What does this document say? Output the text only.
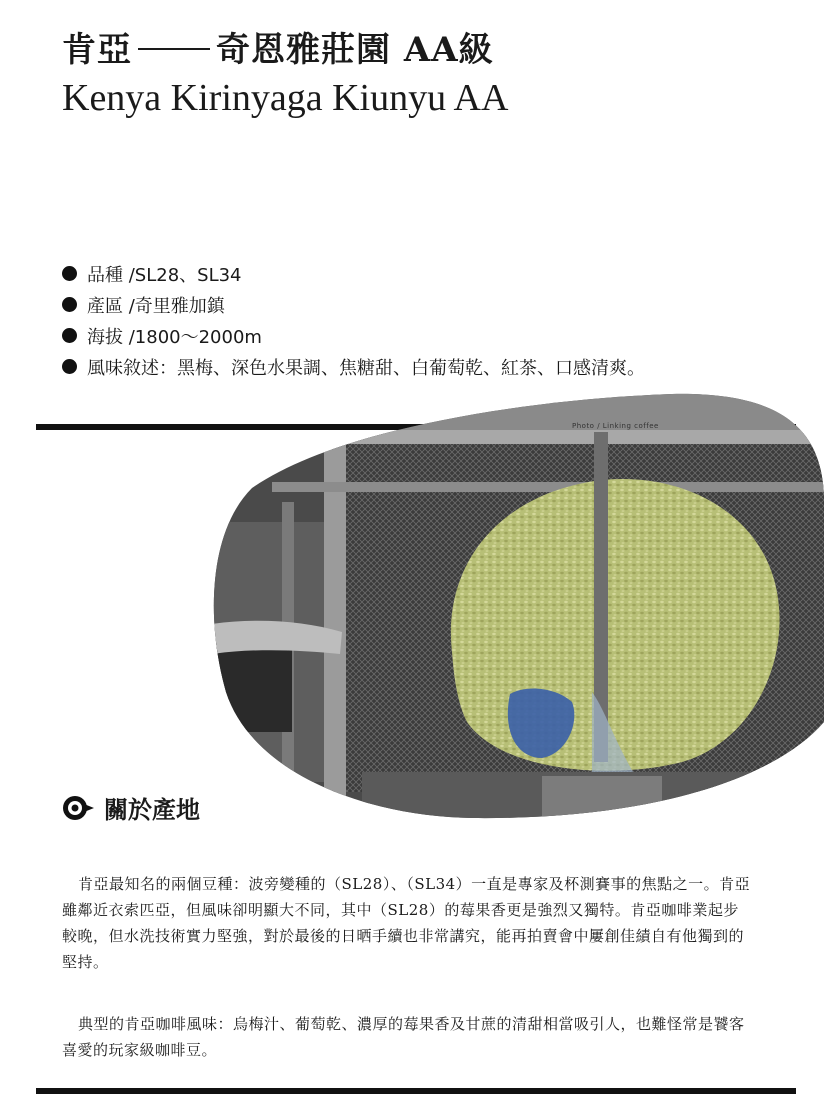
肯亞 奇恩雅莊園 AA級
Kenya Kirinyaga Kiunyu AA
品種 / SL28、SL34
產區 / 奇里雅加鎮
海拔 / 1800～2000m
風味敘述 ：	黑梅、深色水果調、焦糖甜、白葡萄乾、紅茶、口感清爽。
Photo / Linking coffee
關於產地

肯亞最知名的兩個豆種：波旁變種的（SL28）、（SL34）一直是專家及杯測賽事的焦點之一。肯亞雖鄰近衣索匹亞，但風味卻明顯大不同，其中（SL28）的莓果香更是強烈又獨特。肯亞咖啡業起步較晚，但水洗技術實力堅強，對於最後的日晒手續也非常講究，能再拍賣會中屢創佳績自有他獨到的堅持。

典型的肯亞咖啡風味：烏梅汁、葡萄乾、濃厚的莓果香及甘蔗的清甜相當吸引人，也難怪常是饕客喜愛的玩家級咖啡豆。
